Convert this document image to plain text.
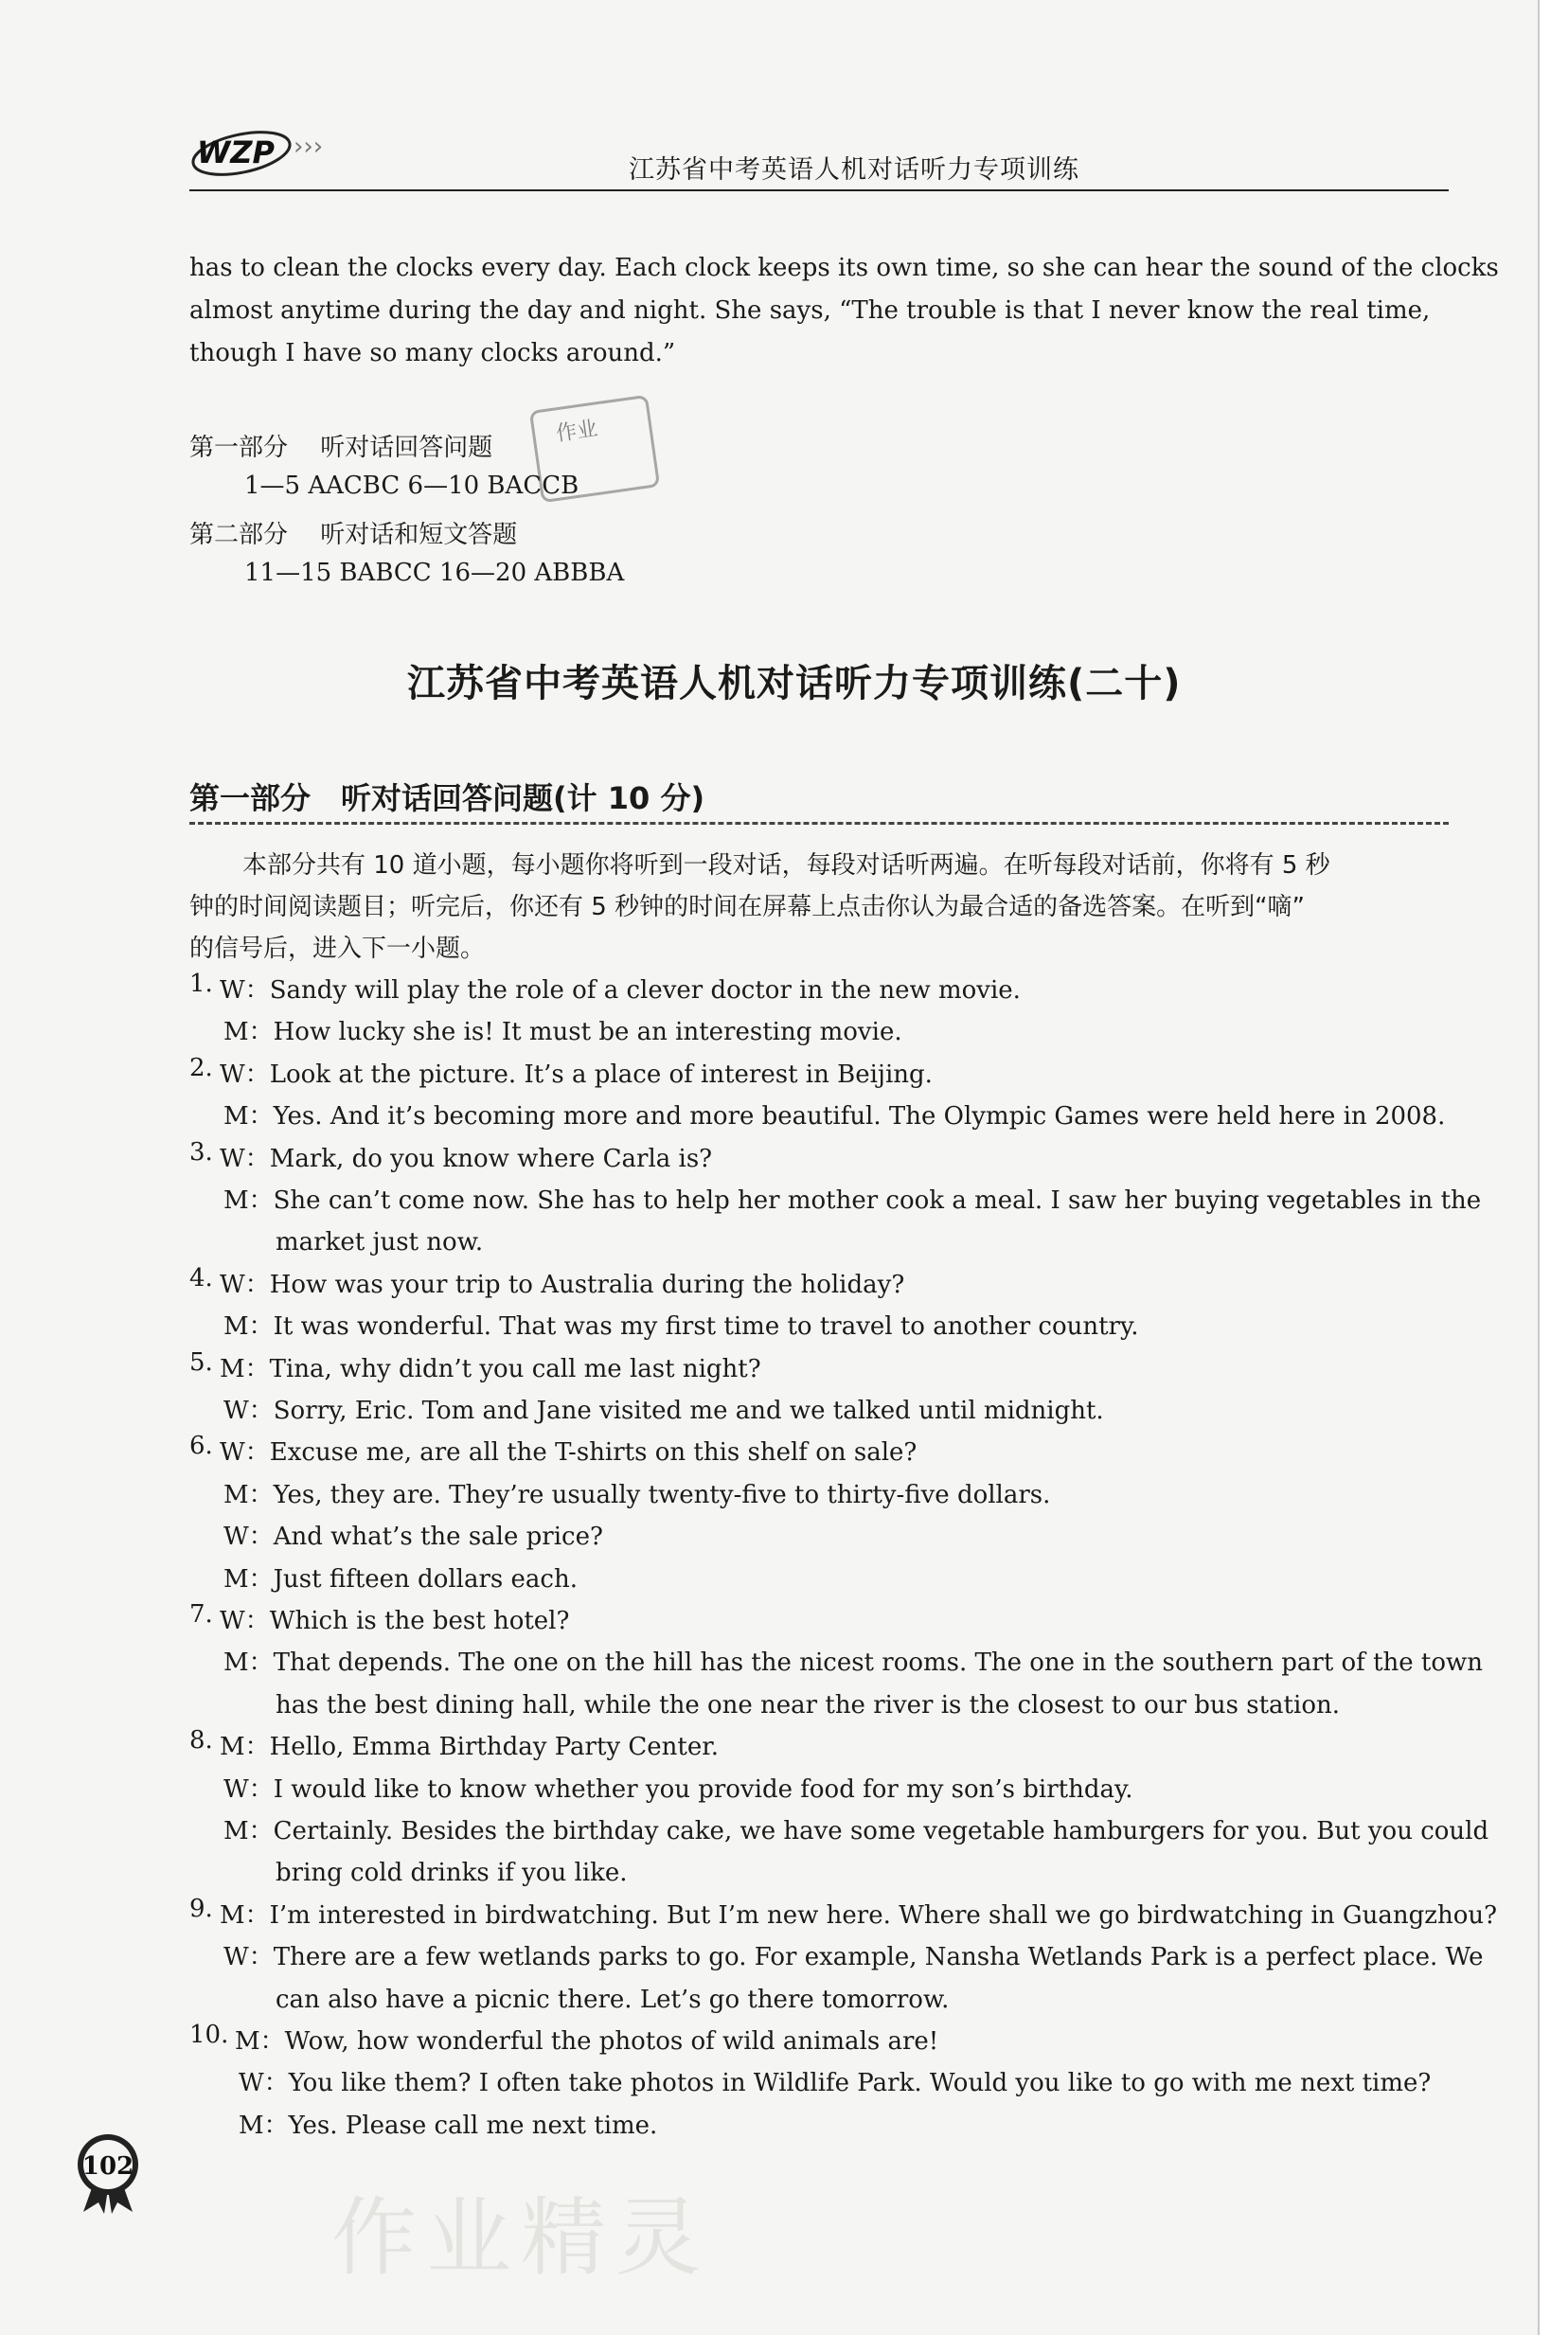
WZP ›››
江苏省中考英语人机对话听力专项训练
has to clean the clocks every day. Each clock keeps its own time, so she can hear the sound of the clocks
almost anytime during the day and night. She says, “The trouble is that I never know the real time,
though I have so many clocks around.”
第一部分　 听对话回答问题
1—5 AACBC 6—10 BACCB
第二部分　 听对话和短文答题
11—15 BABCC 16—20 ABBBA
作业
江苏省中考英语人机对话听力专项训练(二十)
第一部分　听对话回答问题(计 10 分)
本部分共有 10 道小题，每小题你将听到一段对话，每段对话听两遍。在听每段对话前，你将有 5 秒
钟的时间阅读题目；听完后，你还有 5 秒钟的时间在屏幕上点击你认为最合适的备选答案。在听到“嘀”
的信号后，进入下一小题。
1. W：Sandy will play the role of a clever doctor in the new movie.
M：How lucky she is! It must be an interesting movie.
2. W：Look at the picture. It’s a place of interest in Beijing.
M：Yes. And it’s becoming more and more beautiful. The Olympic Games were held here in 2008.
3. W：Mark, do you know where Carla is?
M：She can’t come now. She has to help her mother cook a meal. I saw her buying vegetables in the
market just now.
4. W：How was your trip to Australia during the holiday?
M：It was wonderful. That was my first time to travel to another country.
5. M：Tina, why didn’t you call me last night?
W：Sorry, Eric. Tom and Jane visited me and we talked until midnight.
6. W：Excuse me, are all the T-shirts on this shelf on sale?
M：Yes, they are. They’re usually twenty-five to thirty-five dollars.
W：And what’s the sale price?
M：Just fifteen dollars each.
7. W：Which is the best hotel?
M：That depends. The one on the hill has the nicest rooms. The one in the southern part of the town
has the best dining hall, while the one near the river is the closest to our bus station.
8. M：Hello, Emma Birthday Party Center.
W：I would like to know whether you provide food for my son’s birthday.
M：Certainly. Besides the birthday cake, we have some vegetable hamburgers for you. But you could
bring cold drinks if you like.
9. M：I’m interested in birdwatching. But I’m new here. Where shall we go birdwatching in Guangzhou?
W：There are a few wetlands parks to go. For example, Nansha Wetlands Park is a perfect place. We
can also have a picnic there. Let’s go there tomorrow.
10. M：Wow, how wonderful the photos of wild animals are!
W：You like them? I often take photos in Wildlife Park. Would you like to go with me next time?
M：Yes. Please call me next time.
102
作业精灵
